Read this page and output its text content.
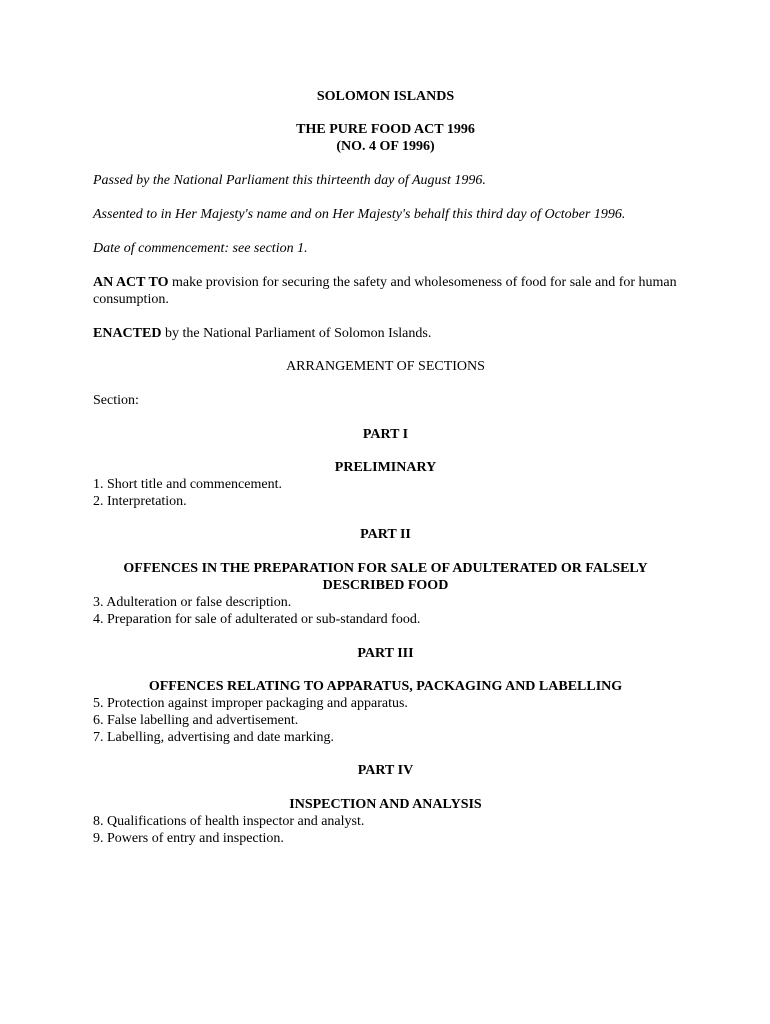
SOLOMON ISLANDS

THE PURE FOOD ACT 1996

(NO. 4 OF 1996)

Passed by the National Parliament this thirteenth day of August 1996.

Assented to in Her Majesty's name and on Her Majesty's behalf this third day of October 1996.

Date of commencement: see section 1.

AN ACT TO make provision for securing the safety and wholesomeness of food for sale and for human consumption.

ENACTED by the National Parliament of Solomon Islands.

ARRANGEMENT OF SECTIONS

Section:

PART I

PRELIMINARY

1. Short title and commencement.
2. Interpretation.

PART II

OFFENCES IN THE PREPARATION FOR SALE OF ADULTERATED OR FALSELY DESCRIBED FOOD

3. Adulteration or false description.
4. Preparation for sale of adulterated or sub-standard food.

PART III

OFFENCES RELATING TO APPARATUS, PACKAGING AND LABELLING

5. Protection against improper packaging and apparatus.
6. False labelling and advertisement.
7. Labelling, advertising and date marking.

PART IV

INSPECTION AND ANALYSIS

8. Qualifications of health inspector and analyst.
9. Powers of entry and inspection.
